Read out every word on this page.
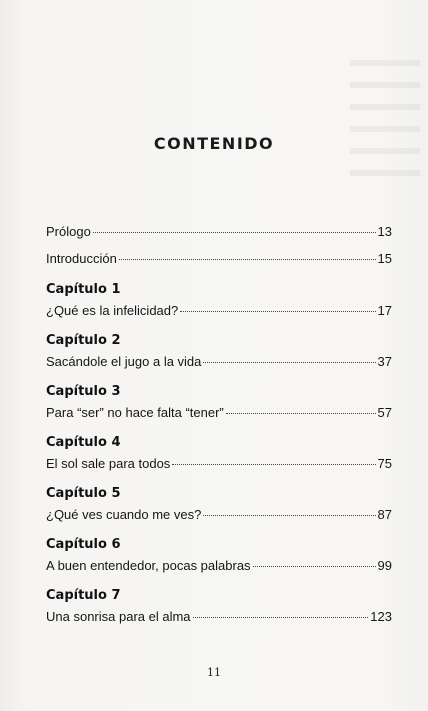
CONTENIDO
Prólogo	13
Introducción	15
Capítulo 1
¿Qué es la infelicidad?	17
Capítulo 2
Sacándole el jugo a la vida	37
Capítulo 3
Para “ser” no hace falta “tener”	57
Capítulo 4
El sol sale para todos	75
Capítulo 5
¿Qué ves cuando me ves?	87
Capítulo 6
A buen entendedor, pocas palabras	99
Capítulo 7
Una sonrisa para el alma	123
11
